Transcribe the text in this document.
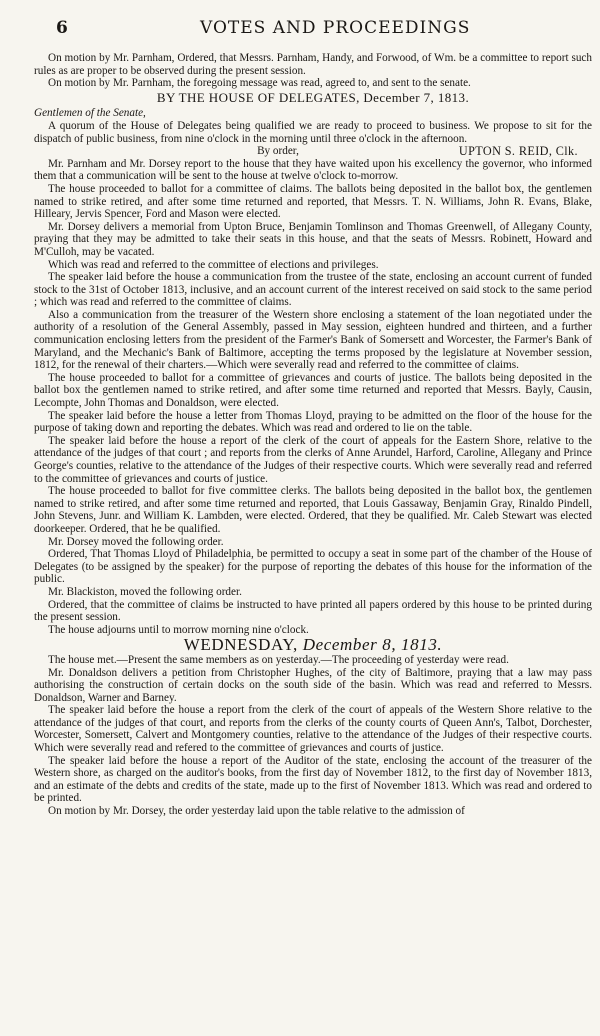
6	VOTES AND PROCEEDINGS

On motion by Mr. Parnham, Ordered, that Messrs. Parnham, Handy, and Forwood, of Wm. be a committee to report such rules as are proper to be observed during the present session.

On motion by Mr. Parnham, the foregoing message was read, agreed to, and sent to the senate.

BY THE HOUSE OF DELEGATES, December 7, 1813.

Gentlemen of the Senate,

A quorum of the House of Delegates being qualified we are ready to proceed to business. We propose to sit for the dispatch of public business, from nine o'clock in the morning until three o'clock in the afternoon.

By order,	UPTON S. REID, Clk.

Mr. Parnham and Mr. Dorsey report to the house that they have waited upon his excellency the governor, who informed them that a communication will be sent to the house at twelve o'clock to-morrow.

The house proceeded to ballot for a committee of claims. The ballots being deposited in the ballot box, the gentlemen named to strike retired, and after some time returned and reported, that Messrs. T. N. Williams, John R. Evans, Blake, Hilleary, Jervis Spencer, Ford and Mason were elected.

Mr. Dorsey delivers a memorial from Upton Bruce, Benjamin Tomlinson and Thomas Greenwell, of Allegany County, praying that they may be admitted to take their seats in this house, and that the seats of Messrs. Robinett, Howard and M'Culloh, may be vacated.

Which was read and referred to the committee of elections and privileges.

The speaker laid before the house a communication from the trustee of the state, enclosing an account current of funded stock to the 31st of October 1813, inclusive, and an account current of the interest received on said stock to the same period ; which was read and referred to the committee of claims.

Also a communication from the treasurer of the Western shore enclosing a statement of the loan negotiated under the authority of a resolution of the General Assembly, passed in May session, eighteen hundred and thirteen, and a further communication enclosing letters from the president of the Farmer's Bank of Somersett and Worcester, the Farmer's Bank of Maryland, and the Mechanic's Bank of Baltimore, accepting the terms proposed by the legislature at November session, 1812, for the renewal of their charters.—Which were severally read and referred to the committee of claims.

The house proceeded to ballot for a committee of grievances and courts of justice. The ballots being deposited in the ballot box the gentlemen named to strike retired, and after some time returned and reported that Messrs. Bayly, Causin, Lecompte, John Thomas and Donaldson, were elected.

The speaker laid before the house a letter from Thomas Lloyd, praying to be admitted on the floor of the house for the purpose of taking down and reporting the debates. Which was read and ordered to lie on the table.

The speaker laid before the house a report of the clerk of the court of appeals for the Eastern Shore, relative to the attendance of the judges of that court ; and reports from the clerks of Anne Arundel, Harford, Caroline, Allegany and Prince George's counties, relative to the attendance of the Judges of their respective courts. Which were severally read and referred to the committee of grievances and courts of justice.

The house proceeded to ballot for five committee clerks. The ballots being deposited in the ballot box, the gentlemen named to strike retired, and after some time returned and reported, that Louis Gassaway, Benjamin Gray, Rinaldo Pindell, John Stevens, Junr. and William K. Lambden, were elected. Ordered, that they be qualified. Mr. Caleb Stewart was elected doorkeeper. Ordered, that he be qualified.

Mr. Dorsey moved the following order.

Ordered, That Thomas Lloyd of Philadelphia, be permitted to occupy a seat in some part of the chamber of the House of Delegates (to be assigned by the speaker) for the purpose of reporting the debates of this house for the information of the public.

Mr. Blackiston, moved the following order.

Ordered, that the committee of claims be instructed to have printed all papers ordered by this house to be printed during the present session.

The house adjourns until to morrow morning nine o'clock.

WEDNESDAY, December 8, 1813.

The house met.—Present the same members as on yesterday.—The proceeding of yesterday were read.

Mr. Donaldson delivers a petition from Christopher Hughes, of the city of Baltimore, praying that a law may pass authorising the construction of certain docks on the south side of the basin. Which was read and referred to Messrs. Donaldson, Warner and Barney.

The speaker laid before the house a report from the clerk of the court of appeals of the Western Shore relative to the attendance of the judges of that court, and reports from the clerks of the county courts of Queen Ann's, Talbot, Dorchester, Worcester, Somersett, Calvert and Montgomery counties, relative to the attendance of the Judges of their respective courts. Which were severally read and refered to the committee of grievances and courts of justice.

The speaker laid before the house a report of the Auditor of the state, enclosing the account of the treasurer of the Western shore, as charged on the auditor's books, from the first day of November 1812, to the first day of November 1813, and an estimate of the debts and credits of the state, made up to the first of November 1813. Which was read and ordered to be printed.

On motion by Mr. Dorsey, the order yesterday laid upon the table relative to the admission of
